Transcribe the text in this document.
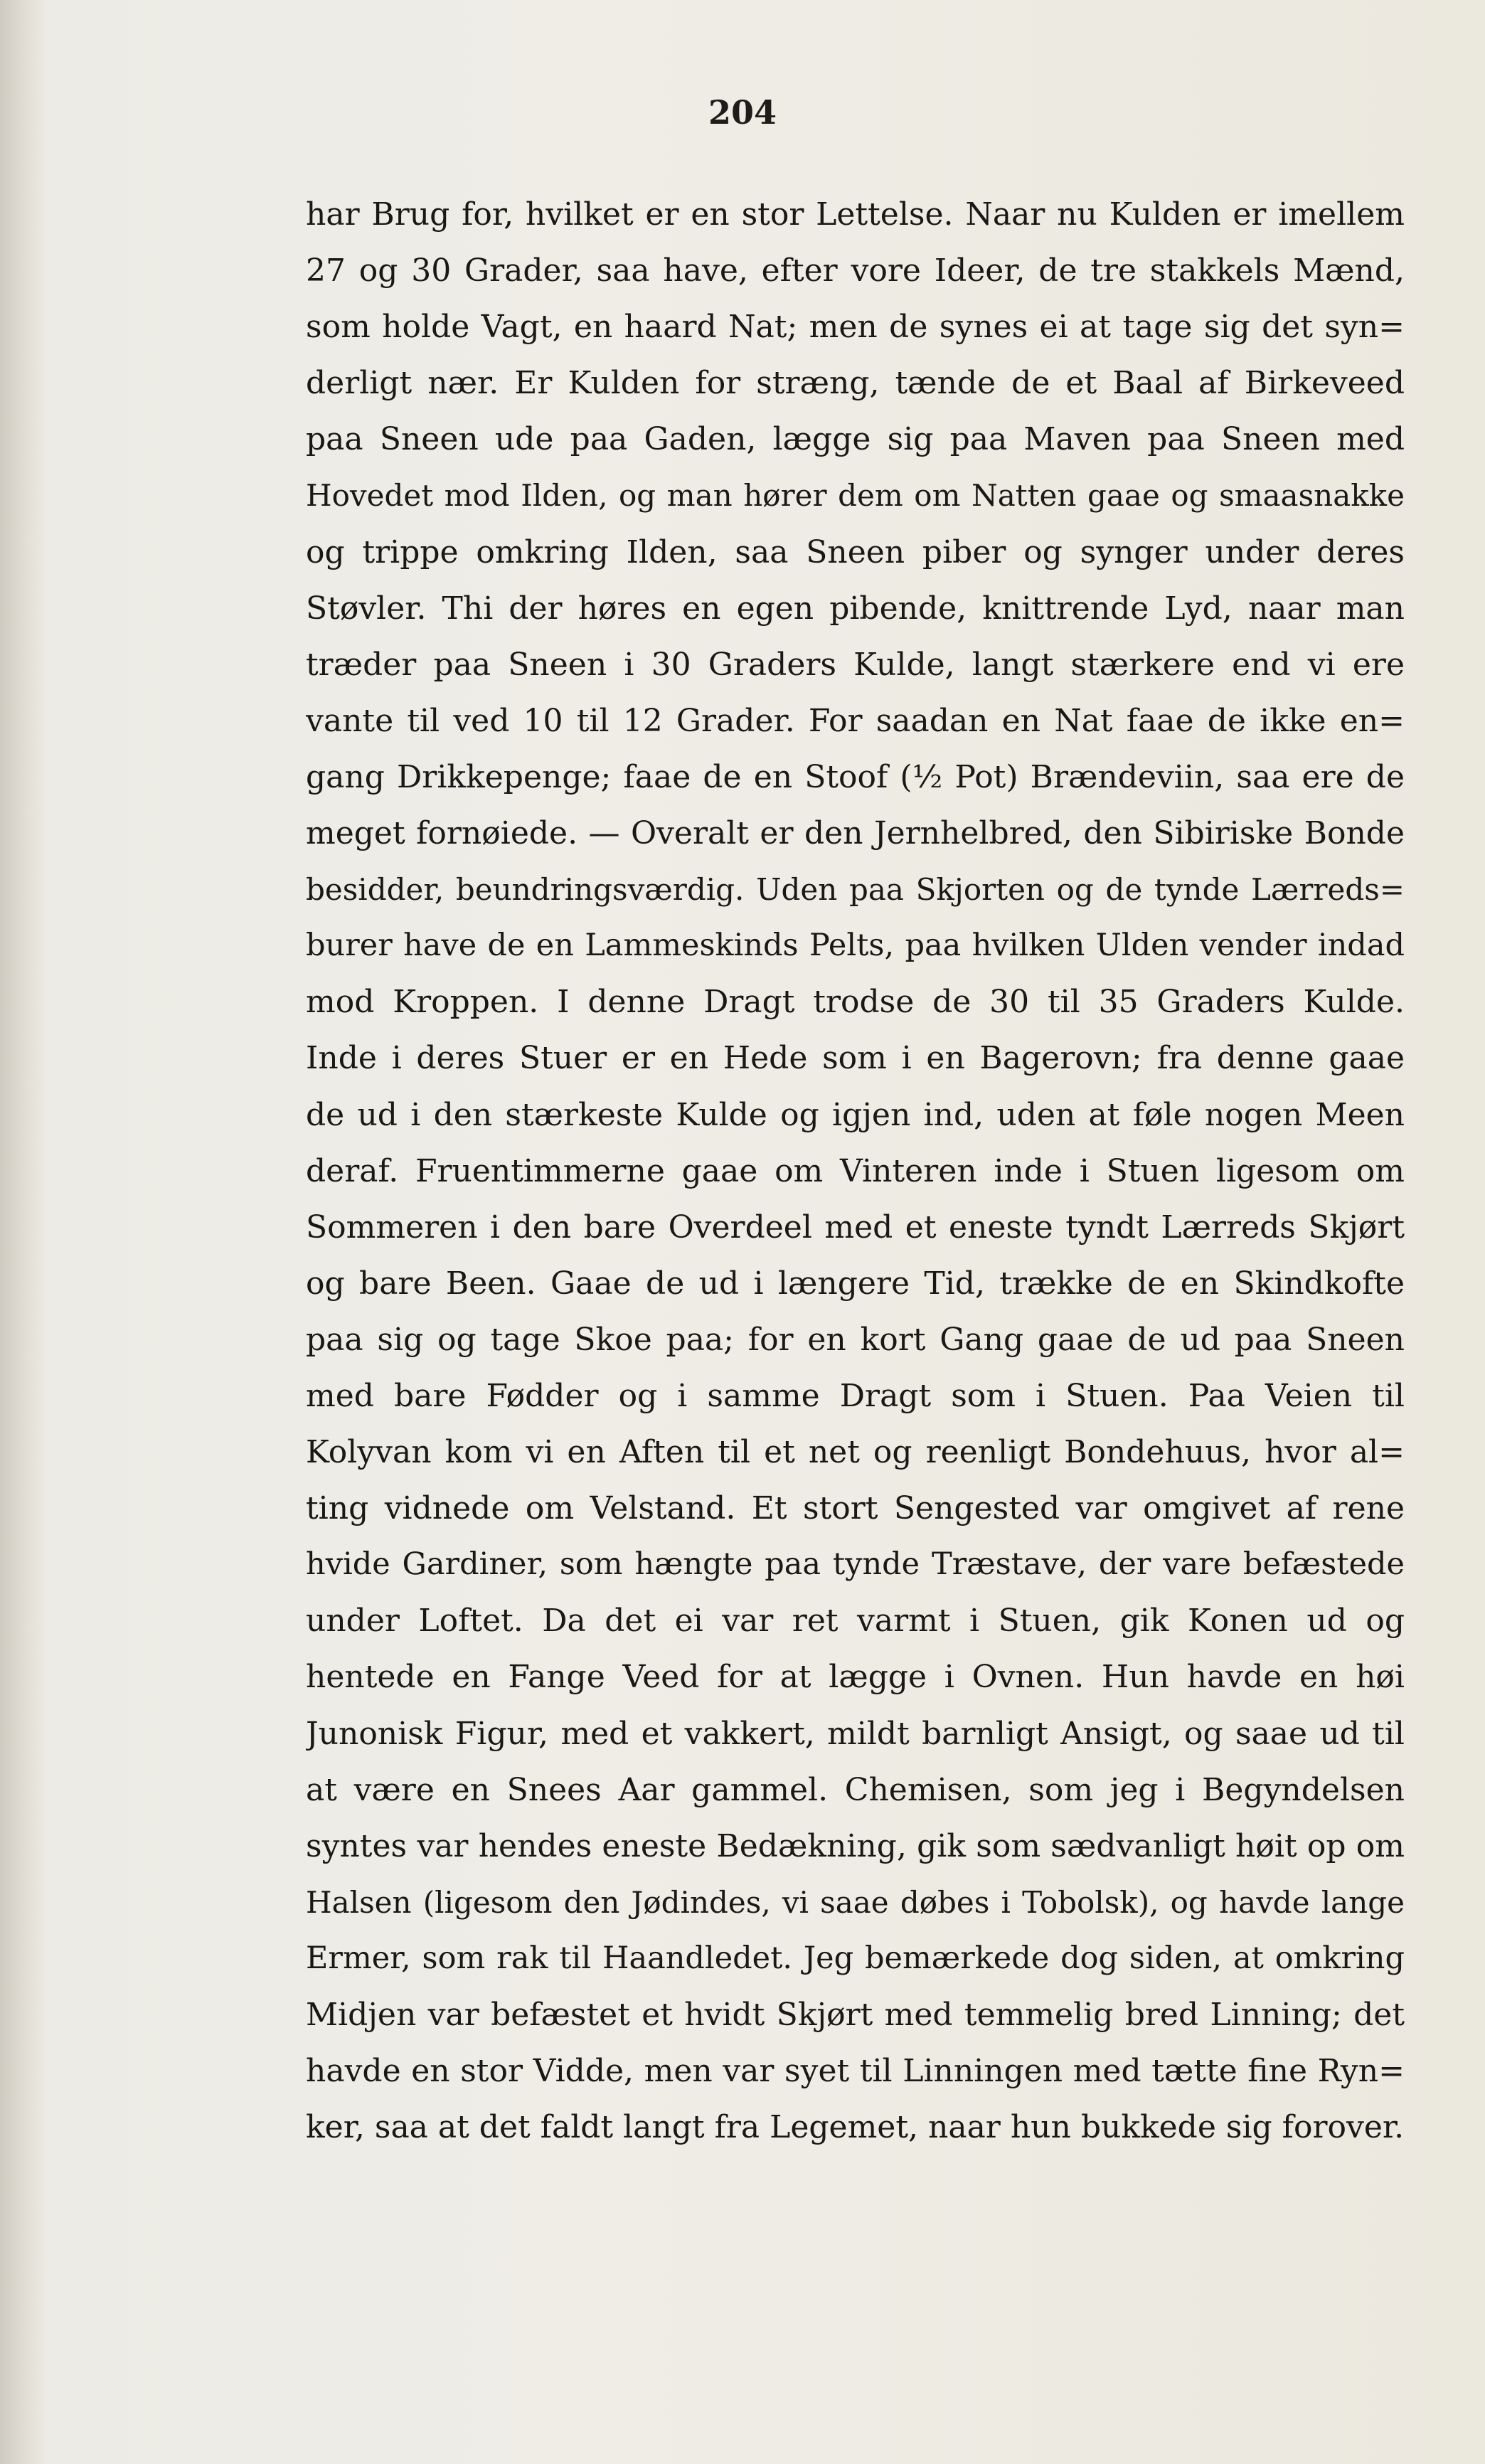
204
har Brug for, hvilket er en stor Lettelse. Naar nu Kulden er imellem
27 og 30 Grader, saa have, efter vore Ideer, de tre stakkels Mænd,
som holde Vagt, en haard Nat; men de synes ei at tage sig det syn=
derligt nær. Er Kulden for stræng, tænde de et Baal af Birkeveed
paa Sneen ude paa Gaden, lægge sig paa Maven paa Sneen med
Hovedet mod Ilden, og man hører dem om Natten gaae og smaasnakke
og trippe omkring Ilden, saa Sneen piber og synger under deres
Støvler. Thi der høres en egen pibende, knittrende Lyd, naar man
træder paa Sneen i 30 Graders Kulde, langt stærkere end vi ere
vante til ved 10 til 12 Grader. For saadan en Nat faae de ikke en=
gang Drikkepenge; faae de en Stoof (½ Pot) Brændeviin, saa ere de
meget fornøiede. — Overalt er den Jernhelbred, den Sibiriske Bonde
besidder, beundringsværdig. Uden paa Skjorten og de tynde Lærreds=
burer have de en Lammeskinds Pelts, paa hvilken Ulden vender indad
mod Kroppen. I denne Dragt trodse de 30 til 35 Graders Kulde.
Inde i deres Stuer er en Hede som i en Bagerovn; fra denne gaae
de ud i den stærkeste Kulde og igjen ind, uden at føle nogen Meen
deraf. Fruentimmerne gaae om Vinteren inde i Stuen ligesom om
Sommeren i den bare Overdeel med et eneste tyndt Lærreds Skjørt
og bare Been. Gaae de ud i længere Tid, trække de en Skindkofte
paa sig og tage Skoe paa; for en kort Gang gaae de ud paa Sneen
med bare Fødder og i samme Dragt som i Stuen. Paa Veien til
Kolyvan kom vi en Aften til et net og reenligt Bondehuus, hvor al=
ting vidnede om Velstand. Et stort Sengested var omgivet af rene
hvide Gardiner, som hængte paa tynde Træstave, der vare befæstede
under Loftet. Da det ei var ret varmt i Stuen, gik Konen ud og
hentede en Fange Veed for at lægge i Ovnen. Hun havde en høi
Junonisk Figur, med et vakkert, mildt barnligt Ansigt, og saae ud til
at være en Snees Aar gammel. Chemisen, som jeg i Begyndelsen
syntes var hendes eneste Bedækning, gik som sædvanligt høit op om
Halsen (ligesom den Jødindes, vi saae døbes i Tobolsk), og havde lange
Ermer, som rak til Haandledet. Jeg bemærkede dog siden, at omkring
Midjen var befæstet et hvidt Skjørt med temmelig bred Linning; det
havde en stor Vidde, men var syet til Linningen med tætte fine Ryn=
ker, saa at det faldt langt fra Legemet, naar hun bukkede sig forover.
